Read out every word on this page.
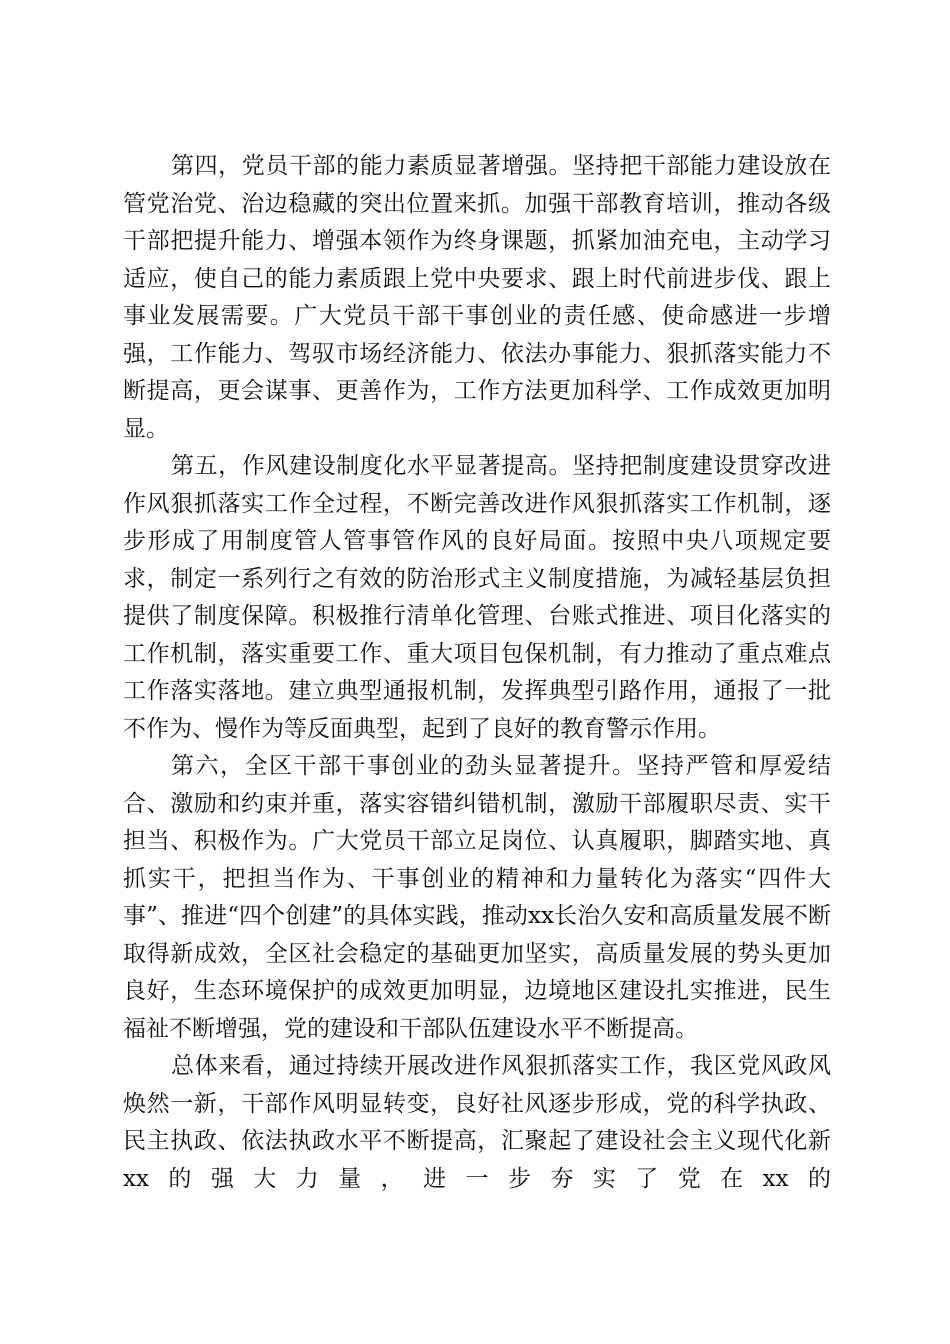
第四，党员干部的能力素质显著增强。坚持把干部能力建设放在管党治党、治边稳藏的突出位置来抓。加强干部教育培训，推动各级干部把提升能力、增强本领作为终身课题，抓紧加油充电，主动学习适应，使自己的能力素质跟上党中央要求、跟上时代前进步伐、跟上事业发展需要。广大党员干部干事创业的责任感、使命感进一步增强，工作能力、驾驭市场经济能力、依法办事能力、狠抓落实能力不断提高，更会谋事、更善作为，工作方法更加科学、工作成效更加明显。

第五，作风建设制度化水平显著提高。坚持把制度建设贯穿改进作风狠抓落实工作全过程，不断完善改进作风狠抓落实工作机制，逐步形成了用制度管人管事管作风的良好局面。按照中央八项规定要求，制定一系列行之有效的防治形式主义制度措施，为减轻基层负担提供了制度保障。积极推行清单化管理、台账式推进、项目化落实的工作机制，落实重要工作、重大项目包保机制，有力推动了重点难点工作落实落地。建立典型通报机制，发挥典型引路作用，通报了一批不作为、慢作为等反面典型，起到了良好的教育警示作用。

第六，全区干部干事创业的劲头显著提升。坚持严管和厚爱结合、激励和约束并重，落实容错纠错机制，激励干部履职尽责、实干担当、积极作为。广大党员干部立足岗位、认真履职，脚踏实地、真抓实干，把担当作为、干事创业的精神和力量转化为落实“四件大事”、推进“四个创建”的具体实践，推动xx长治久安和高质量发展不断取得新成效，全区社会稳定的基础更加坚实，高质量发展的势头更加良好，生态环境保护的成效更加明显，边境地区建设扎实推进，民生福祉不断增强，党的建设和干部队伍建设水平不断提高。

总体来看，通过持续开展改进作风狠抓落实工作，我区党风政风焕然一新，干部作风明显转变，良好社风逐步形成，党的科学执政、民主执政、依法执政水平不断提高，汇聚起了建设社会主义现代化新xx的强大力量，进一步夯实了党在xx的
